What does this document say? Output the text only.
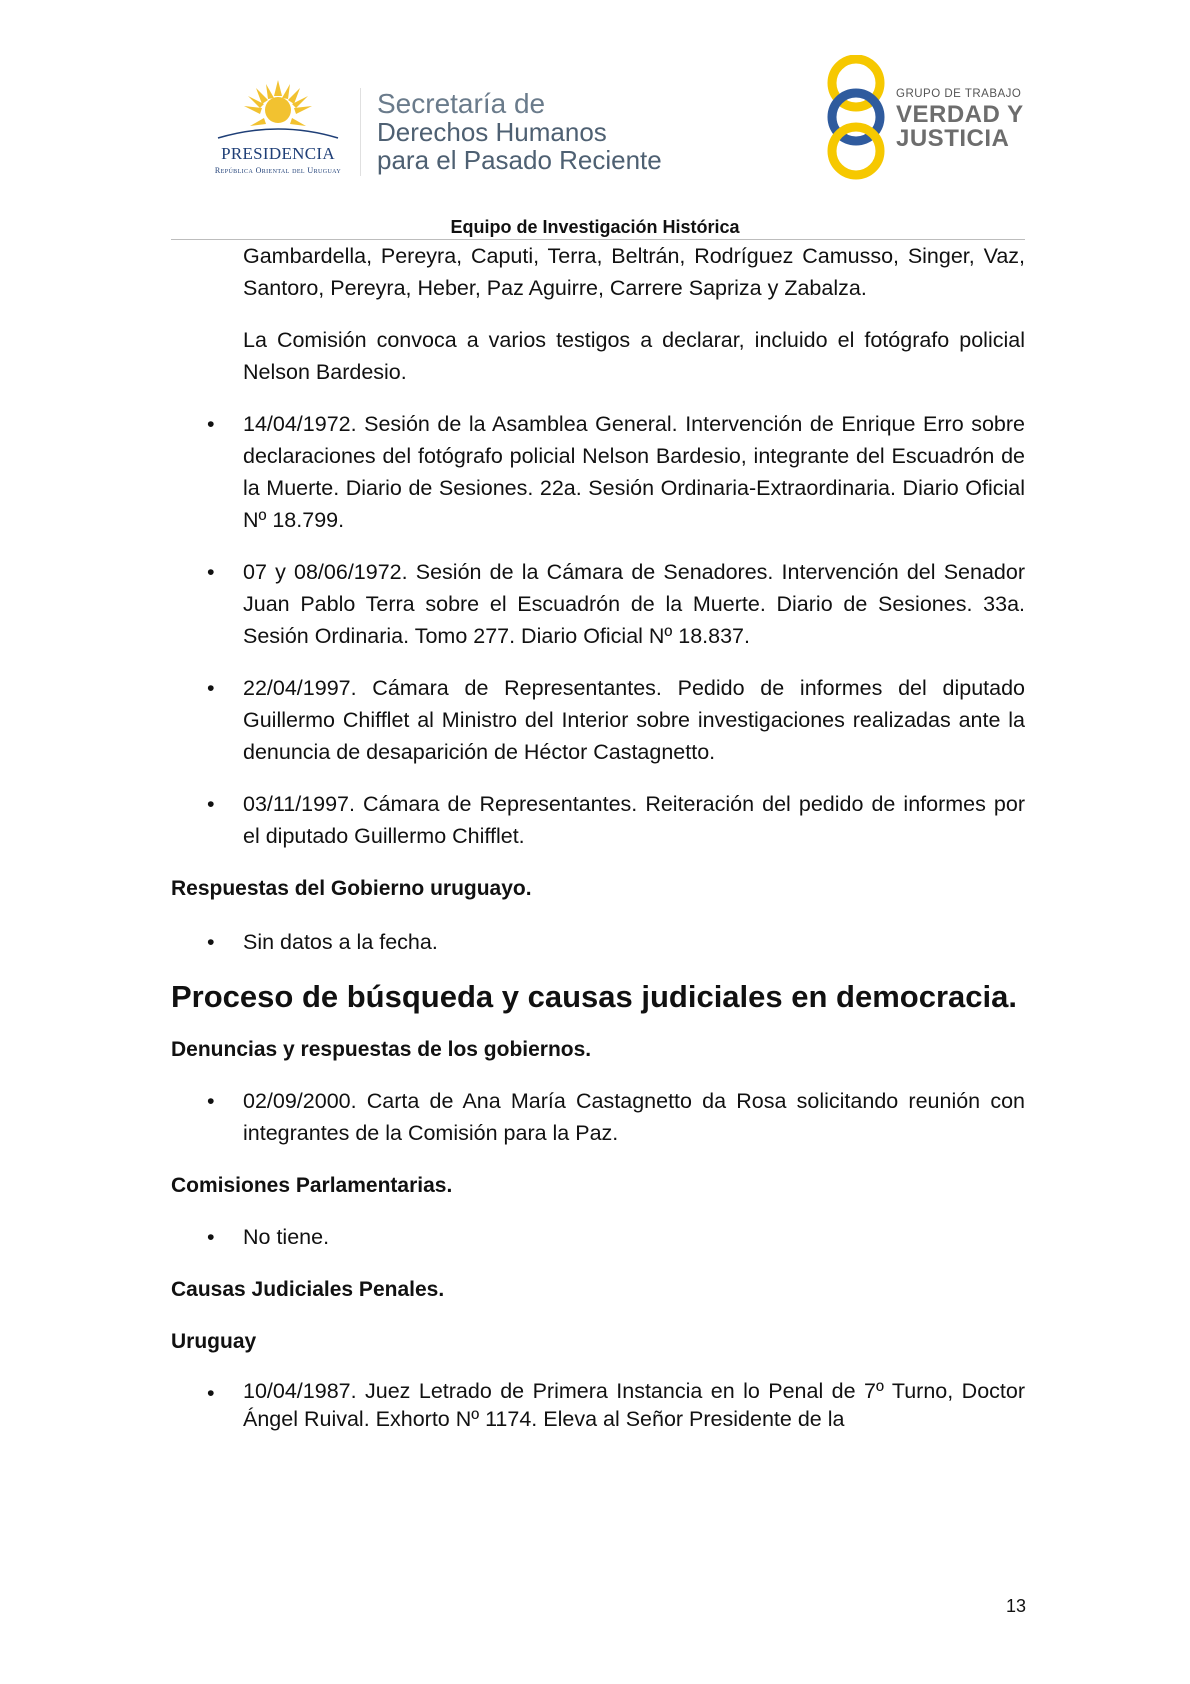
PRESIDENCIA
República Oriental del Uruguay
Secretaría de
Derechos Humanos
para el Pasado Reciente
GRUPO DE TRABAJO
VERDAD Y
JUSTICIA
Equipo de Investigación Histórica

Gambardella, Pereyra, Caputi, Terra, Beltrán, Rodríguez Camusso, Singer, Vaz, Santoro, Pereyra, Heber, Paz Aguirre, Carrere Sapriza y Zabalza.

La Comisión convoca a varios testigos a declarar, incluido el fotógrafo policial Nelson Bardesio.

• 14/04/1972. Sesión de la Asamblea General. Intervención de Enrique Erro sobre declaraciones del fotógrafo policial Nelson Bardesio, integrante del Escuadrón de la Muerte. Diario de Sesiones. 22a. Sesión Ordinaria-Extraordinaria. Diario Oficial Nº 18.799.

• 07 y 08/06/1972. Sesión de la Cámara de Senadores. Intervención del Senador Juan Pablo Terra sobre el Escuadrón de la Muerte. Diario de Sesiones. 33a. Sesión Ordinaria. Tomo 277. Diario Oficial Nº 18.837.

• 22/04/1997. Cámara de Representantes. Pedido de informes del diputado Guillermo Chifflet al Ministro del Interior sobre investigaciones realizadas ante la denuncia de desaparición de Héctor Castagnetto.

• 03/11/1997. Cámara de Representantes. Reiteración del pedido de informes por el diputado Guillermo Chifflet.

Respuestas del Gobierno uruguayo.

• Sin datos a la fecha.

Proceso de búsqueda y causas judiciales en democracia.

Denuncias y respuestas de los gobiernos.

• 02/09/2000. Carta de Ana María Castagnetto da Rosa solicitando reunión con integrantes de la Comisión para la Paz.

Comisiones Parlamentarias.

• No tiene.

Causas Judiciales Penales.

Uruguay

• 10/04/1987. Juez Letrado de Primera Instancia en lo Penal de 7º Turno, Doctor Ángel Ruival. Exhorto Nº 1174. Eleva al Señor Presidente de la

13
